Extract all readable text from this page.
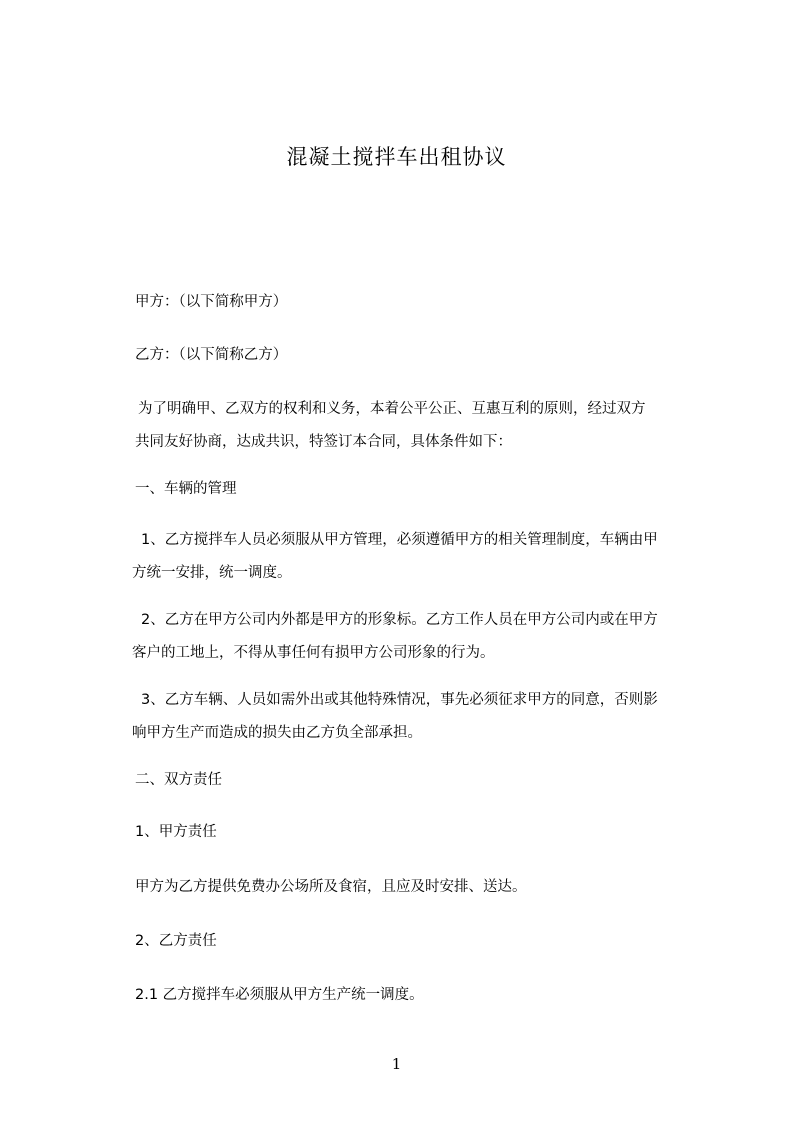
混凝土搅拌车出租协议
甲方：（以下简称甲方）
乙方：（以下简称乙方）
为了明确甲、乙双方的权利和义务，本着公平公正、互惠互利的原则，经过双方
共同友好协商，达成共识，特签订本合同，具体条件如下：
一、车辆的管理
1、乙方搅拌车人员必须服从甲方管理，必须遵循甲方的相关管理制度，车辆由甲
方统一安排，统一调度。
2、乙方在甲方公司内外都是甲方的形象标。乙方工作人员在甲方公司内或在甲方
客户的工地上，不得从事任何有损甲方公司形象的行为。
3、乙方车辆、人员如需外出或其他特殊情况，事先必须征求甲方的同意，否则影
响甲方生产而造成的损失由乙方负全部承担。
二、双方责任
1、甲方责任
甲方为乙方提供免费办公场所及食宿，且应及时安排、送达。
2、乙方责任
2.1 乙方搅拌车必须服从甲方生产统一调度。
1
